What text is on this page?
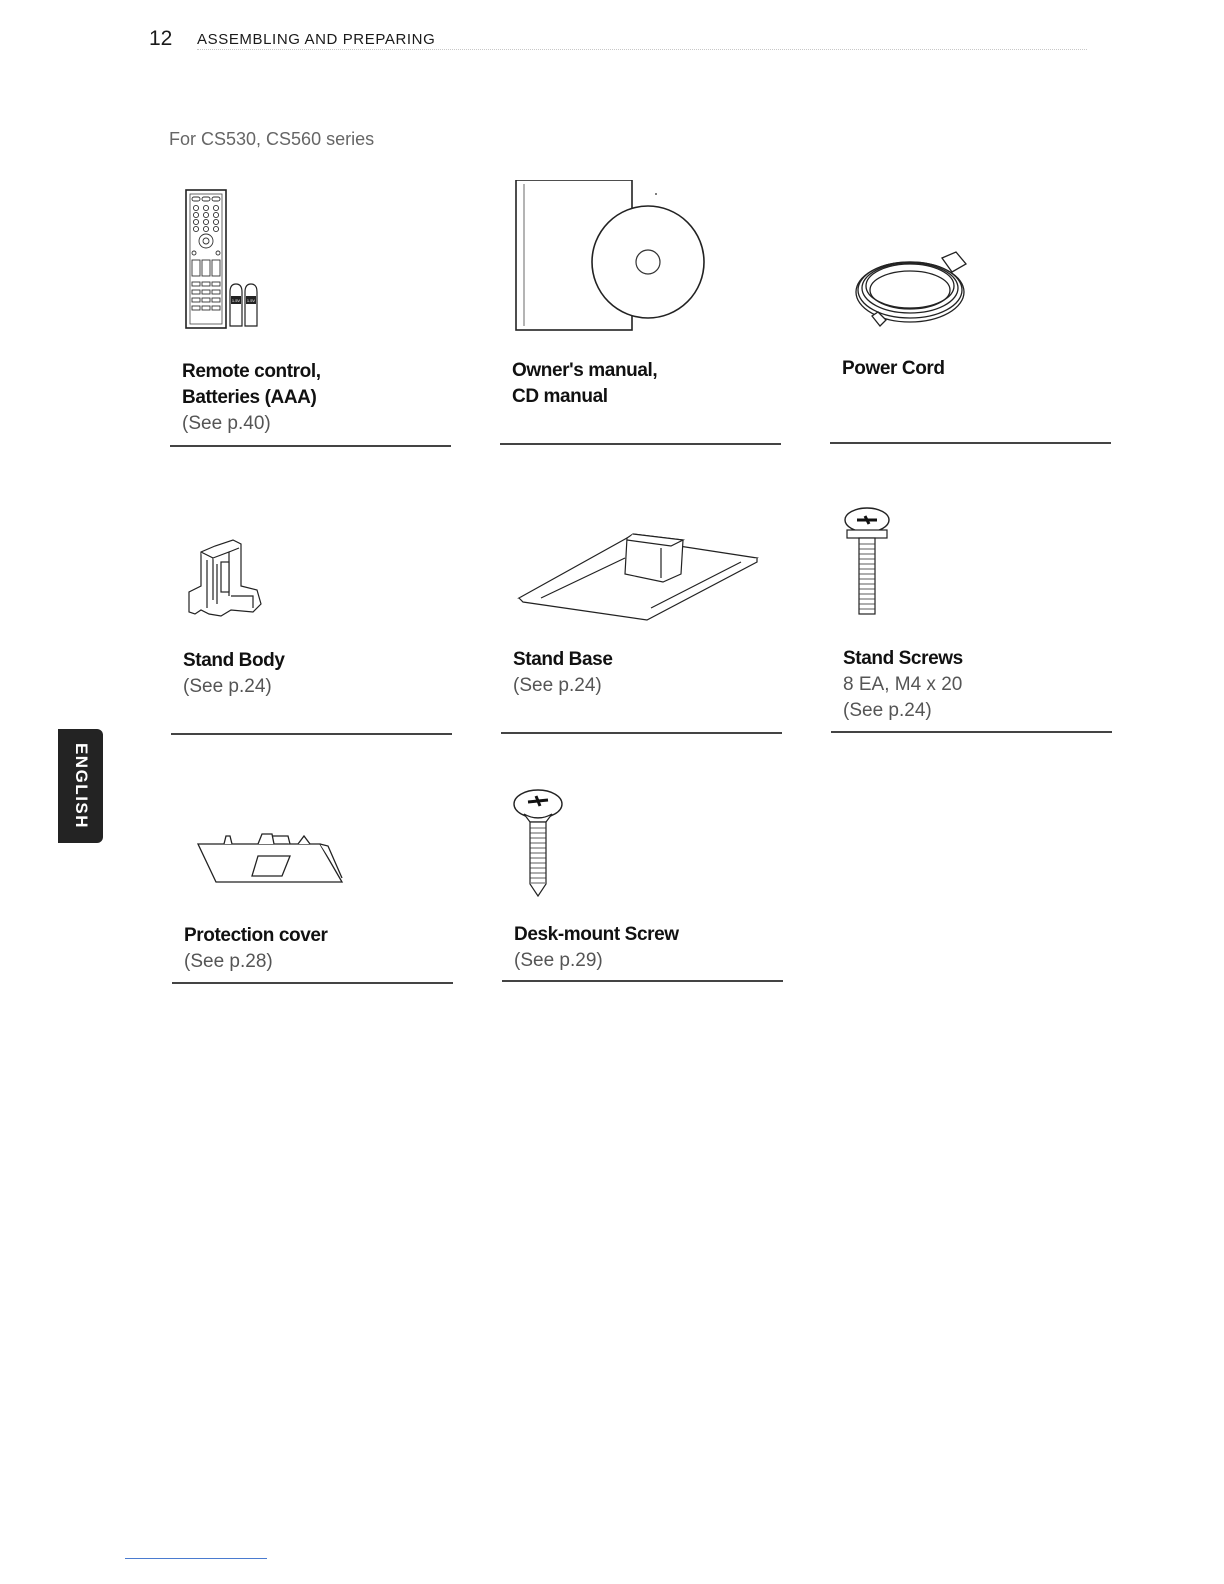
12 ASSEMBLING AND PREPARING
For CS530, CS560 series
1.5V 1.5V
Remote control,
Batteries (AAA)
(See p.40)
Owner's manual,
CD manual
Power Cord
Stand Body
(See p.24)
Stand Base
(See p.24)
Stand Screws
8 EA, M4 x 20
(See p.24)
Protection cover
(See p.28)
Desk-mount Screw
(See p.29)
ENGLISH
